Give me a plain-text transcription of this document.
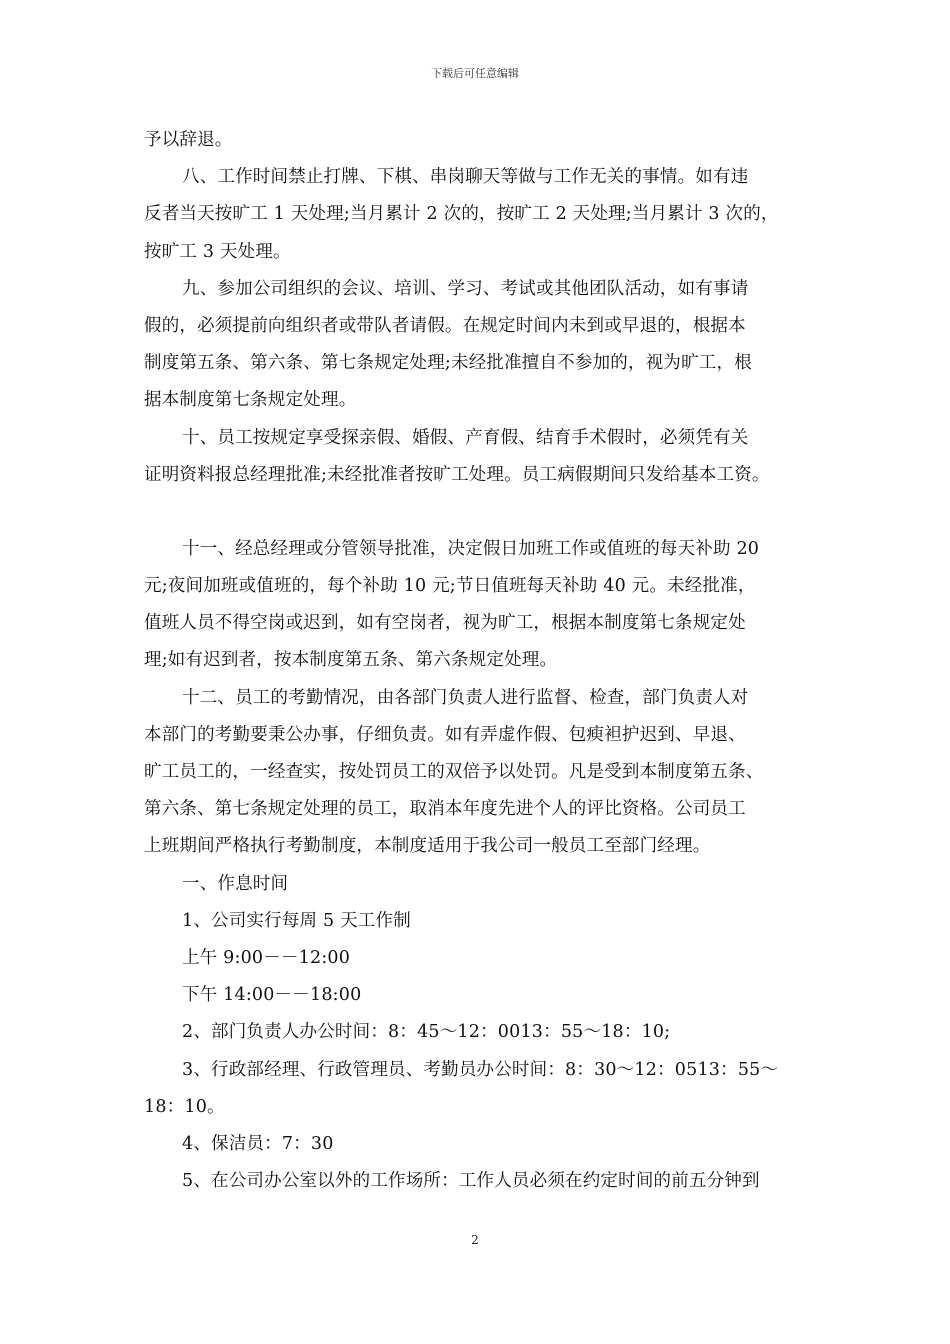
下载后可任意编辑
予以辞退。
八、工作时间禁止打牌、下棋、串岗聊天等做与工作无关的事情。如有违
反者当天按旷工 1 天处理;当月累计 2 次的，按旷工 2 天处理;当月累计 3 次的，
按旷工 3 天处理。
九、参加公司组织的会议、培训、学习、考试或其他团队活动，如有事请
假的，必须提前向组织者或带队者请假。在规定时间内未到或早退的，根据本
制度第五条、第六条、第七条规定处理;未经批准擅自不参加的，视为旷工，根
据本制度第七条规定处理。
十、员工按规定享受探亲假、婚假、产育假、结育手术假时，必须凭有关
证明资料报总经理批准;未经批准者按旷工处理。员工病假期间只发给基本工资。
十一、经总经理或分管领导批准，决定假日加班工作或值班的每天补助 20
元;夜间加班或值班的，每个补助 10 元;节日值班每天补助 40 元。未经批准，
值班人员不得空岗或迟到，如有空岗者，视为旷工，根据本制度第七条规定处
理;如有迟到者，按本制度第五条、第六条规定处理。
十二、员工的考勤情况，由各部门负责人进行监督、检查，部门负责人对
本部门的考勤要秉公办事，仔细负责。如有弄虚作假、包瘐袒护迟到、早退、
旷工员工的，一经查实，按处罚员工的双倍予以处罚。凡是受到本制度第五条、
第六条、第七条规定处理的员工，取消本年度先进个人的评比资格。公司员工
上班期间严格执行考勤制度，本制度适用于我公司一般员工至部门经理。
一、作息时间
1、公司实行每周 5 天工作制
上午 9:00－－12:00
下午 14:00－－18:00
2、部门负责人办公时间：8：45～12：0013：55～18：10;
3、行政部经理、行政管理员、考勤员办公时间：8：30～12：0513：55～
18：10。
4、保洁员：7：30
5、在公司办公室以外的工作场所：工作人员必须在约定时间的前五分钟到
2
